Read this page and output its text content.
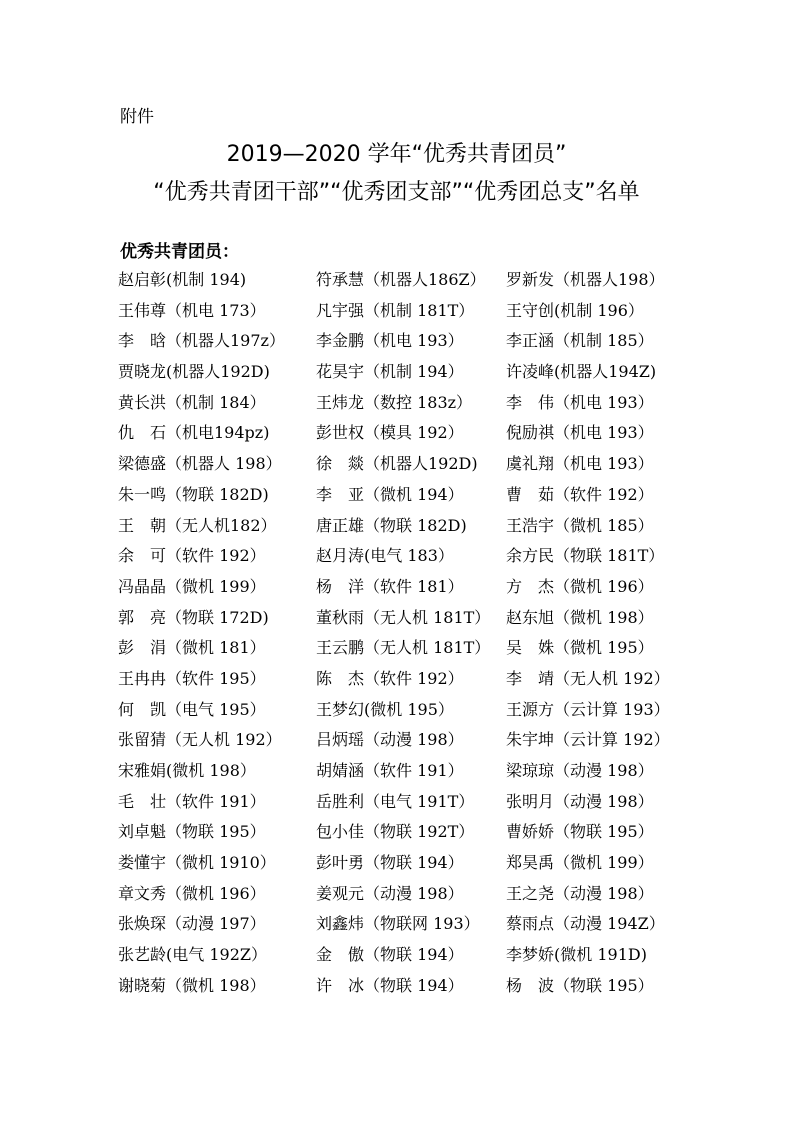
附件
2019—2020 学年“优秀共青团员”
“优秀共青团干部”“优秀团支部”“优秀团总支”名单
优秀共青团员：
赵启彰(机制 194)	符承慧（机器人186Z） 罗新发（机器人198）
王伟尊（机电 173）	凡宇强（机制 181T） 王守创(机制 196）
李　晗（机器人197z） 李金鹏（机电 193）	李正涵（机制 185）
贾晓龙(机器人192D)	花昊宇（机制 194）	许凌峰(机器人194Z)
黄长洪（机制 184）	王炜龙（数控 183z） 李　伟（机电 193）
仇　石（机电194pz)	彭世权（模具 192）	倪励祺（机电 193）
梁德盛（机器人 198） 徐　燚（机器人192D) 虞礼翔（机电 193）
朱一鸣（物联 182D)	李　亚（微机 194）	曹　茹（软件 192）
王　朝（无人机182） 唐正雄（物联 182D) 王浩宇（微机 185）
余　可（软件 192）	赵月涛(电气 183）	余方民（物联 181T）
冯晶晶（微机 199）	杨　洋（软件 181）	方　杰（微机 196）
郭　亮（物联 172D)	董秋雨（无人机 181T） 赵东旭（微机 198）
彭　涓（微机 181）	王云鹏（无人机 181T） 吴　姝（微机 195）
王冉冉（软件 195）	陈　杰（软件 192）	李　靖（无人机 192）
何　凯（电气 195）	王梦幻(微机 195）	王源方（云计算 193）
张留猜（无人机 192） 吕炳瑶（动漫 198）	朱宇坤（云计算 192）
宋雅娟(微机 198）	胡婧涵（软件 191）	梁琼琼（动漫 198）
毛　壮（软件 191）	岳胜利（电气 191T） 张明月（动漫 198）
刘卓魁（物联 195）	包小佳（物联 192T） 曹娇娇（物联 195）
娄懂宇（微机 1910）	彭叶勇（物联 194）	郑昊禹（微机 199）
章文秀（微机 196）	姜观元（动漫 198）	王之尧（动漫 198）
张焕琛（动漫 197）	刘鑫炜（物联网 193） 蔡雨点（动漫 194Z）
张艺龄(电气 192Z）	金　傲（物联 194）	李梦娇(微机 191D)
谢晓菊（微机 198）	许　冰（物联 194）	杨　波（物联 195）
